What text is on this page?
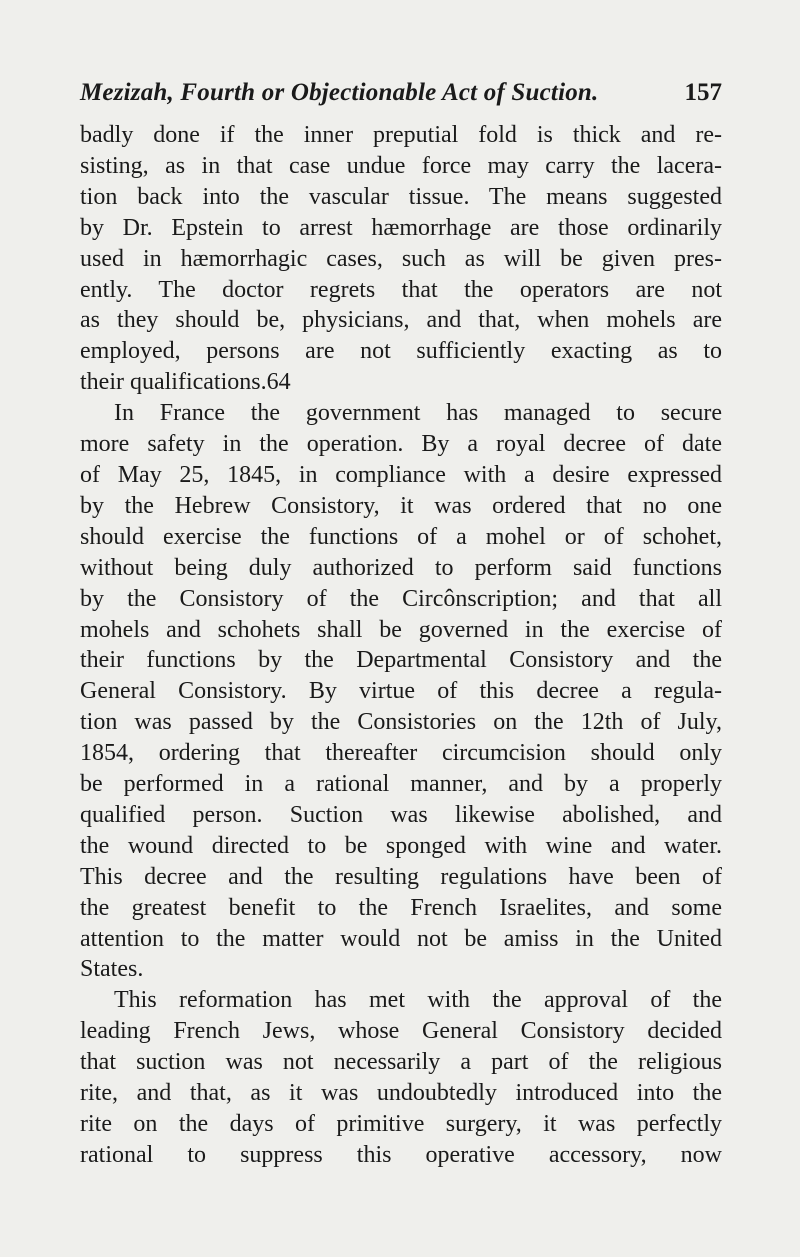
Mezizah, Fourth or Objectionable Act of Suction.	157
badly done if the inner preputial fold is thick and re-
sisting, as in that case undue force may carry the lacera-
tion back into the vascular tissue. The means suggested
by Dr. Epstein to arrest hæmorrhage are those ordinarily
used in hæmorrhagic cases, such as will be given pres-
ently. The doctor regrets that the operators are not
as they should be, physicians, and that, when mohels are
employed, persons are not sufficiently exacting as to
their qualifications.64
In France the government has managed to secure
more safety in the operation. By a royal decree of date
of May 25, 1845, in compliance with a desire expressed
by the Hebrew Consistory, it was ordered that no one
should exercise the functions of a mohel or of schohet,
without being duly authorized to perform said functions
by the Consistory of the Circônscription; and that all
mohels and schohets shall be governed in the exercise of
their functions by the Departmental Consistory and the
General Consistory. By virtue of this decree a regula-
tion was passed by the Consistories on the 12th of July,
1854, ordering that thereafter circumcision should only
be performed in a rational manner, and by a properly
qualified person. Suction was likewise abolished, and
the wound directed to be sponged with wine and water.
This decree and the resulting regulations have been of
the greatest benefit to the French Israelites, and some
attention to the matter would not be amiss in the United
States.
This reformation has met with the approval of the
leading French Jews, whose General Consistory decided
that suction was not necessarily a part of the religious
rite, and that, as it was undoubtedly introduced into the
rite on the days of primitive surgery, it was perfectly
rational to suppress this operative accessory, now
